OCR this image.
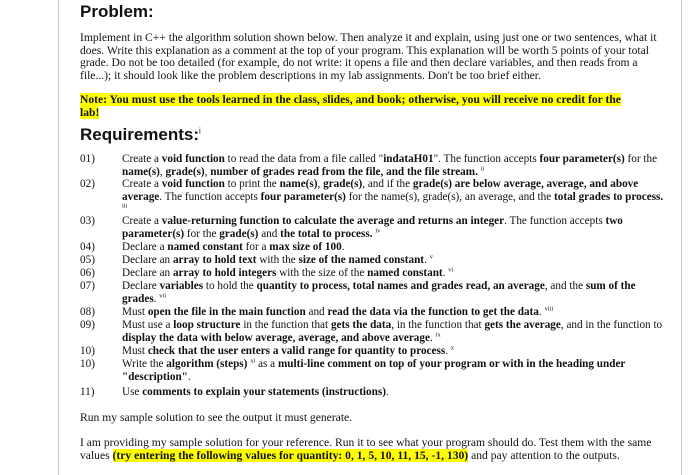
Problem:
Implement in C++ the algorithm solution shown below. Then analyze it and explain, using just one or two sentences, what it does. Write this explanation as a comment at the top of your program. This explanation will be worth 5 points of your total grade. Do not be too detailed (for example, do not write: it opens a file and then declare variables, and then reads from a file...); it should look like the problem descriptions in my lab assignments. Don't be too brief either.
Note: You must use the tools learned in the class, slides, and book; otherwise, you will receive no credit for the lab!
Requirements:$^i$
01)	Create a void function to read the data from a file called "indataH01". The function accepts four parameter(s) for the name(s), grade(s), number of grades read from the file, and the file stream. $^{ii}$
02)	Create a void function to print the name(s), grade(s), and if the grade(s) are below average, average, and above average. The function accepts four parameter(s) for the name(s), grade(s), an average, and the total grades to process. $^{iii}$
03)	Create a value-returning function to calculate the average and returns an integer. The function accepts two parameter(s) for the grade(s) and the total to process. $^{iv}$
04)	Declare a named constant for a max size of 100.
05)	Declare an array to hold text with the size of the named constant. $^v$
06)	Declare an array to hold integers with the size of the named constant. $^{vi}$
07)	Declare variables to hold the quantity to process, total names and grades read, an average, and the sum of the grades. $^{vii}$
08)	Must open the file in the main function and read the data via the function to get the data. $^{viii}$
09)	Must use a loop structure in the function that gets the data, in the function that gets the average, and in the function to display the data with below average, average, and above average. $^{ix}$
10)	Must check that the user enters a valid range for quantity to process. $^x$
10)	Write the algorithm (steps) $^{xi}$ as a multi-line comment on top of your program or with in the heading under "description".
11)	Use comments to explain your statements (instructions).
Run my sample solution to see the output it must generate.
I am providing my sample solution for your reference. Run it to see what your program should do. Test them with the same values (try entering the following values for quantity: 0, 1, 5, 10, 11, 15, -1, 130) and pay attention to the outputs.
